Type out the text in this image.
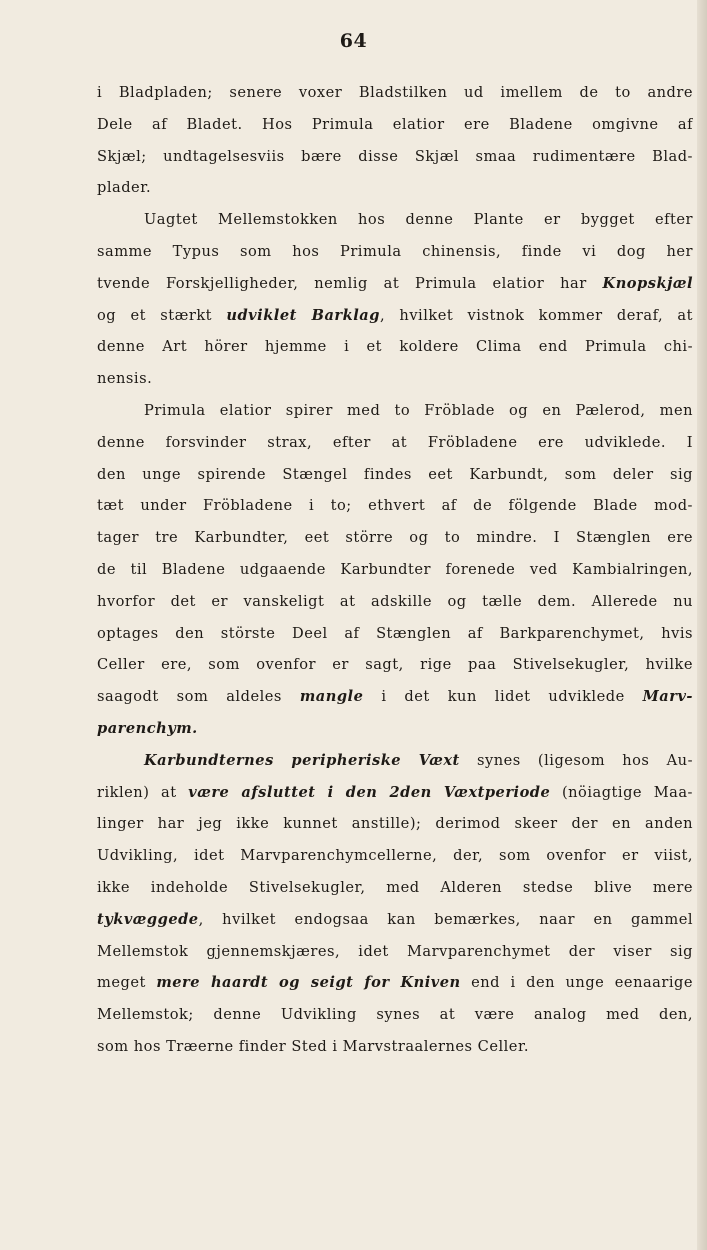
64
i Bladpladen; senere voxer Bladstilken ud imellem de to andre
Dele af Bladet. Hos Primula elatior ere Bladene omgivne af
Skjæl; undtagelsesviis bære disse Skjæl smaa rudimentære Blad-
plader.
Uagtet Mellemstokken hos denne Plante er bygget efter
samme Typus som hos Primula chinensis, finde vi dog her
tvende Forskjelligheder, nemlig at Primula elatior har Knopskjæl
og et stærkt udviklet Barklag, hvilket vistnok kommer deraf, at
denne Art hörer hjemme i et koldere Clima end Primula chi-
nensis.
Primula elatior spirer med to Fröblade og en Pælerod, men
denne forsvinder strax, efter at Fröbladene ere udviklede. I
den unge spirende Stængel findes eet Karbundt, som deler sig
tæt under Fröbladene i to; ethvert af de fölgende Blade mod-
tager tre Karbundter, eet större og to mindre. I Stænglen ere
de til Bladene udgaaende Karbundter forenede ved Kambialringen,
hvorfor det er vanskeligt at adskille og tælle dem. Allerede nu
optages den störste Deel af Stænglen af Barkparenchymet, hvis
Celler ere, som ovenfor er sagt, rige paa Stivelsekugler, hvilke
saagodt som aldeles mangle i det kun lidet udviklede Marv-
parenchym.
Karbundternes peripheriske Væxt synes (ligesom hos Au-
riklen) at være afsluttet i den 2den Væxtperiode (nöiagtige Maa-
linger har jeg ikke kunnet anstille); derimod skeer der en anden
Udvikling, idet Marvparenchymcellerne, der, som ovenfor er viist,
ikke indeholde Stivelsekugler, med Alderen stedse blive mere
tykvæggede, hvilket endogsaa kan bemærkes, naar en gammel
Mellemstok gjennemskjæres, idet Marvparenchymet der viser sig
meget mere haardt og seigt for Kniven end i den unge eenaarige
Mellemstok; denne Udvikling synes at være analog med den,
som hos Træerne finder Sted i Marvstraalernes Celler.
